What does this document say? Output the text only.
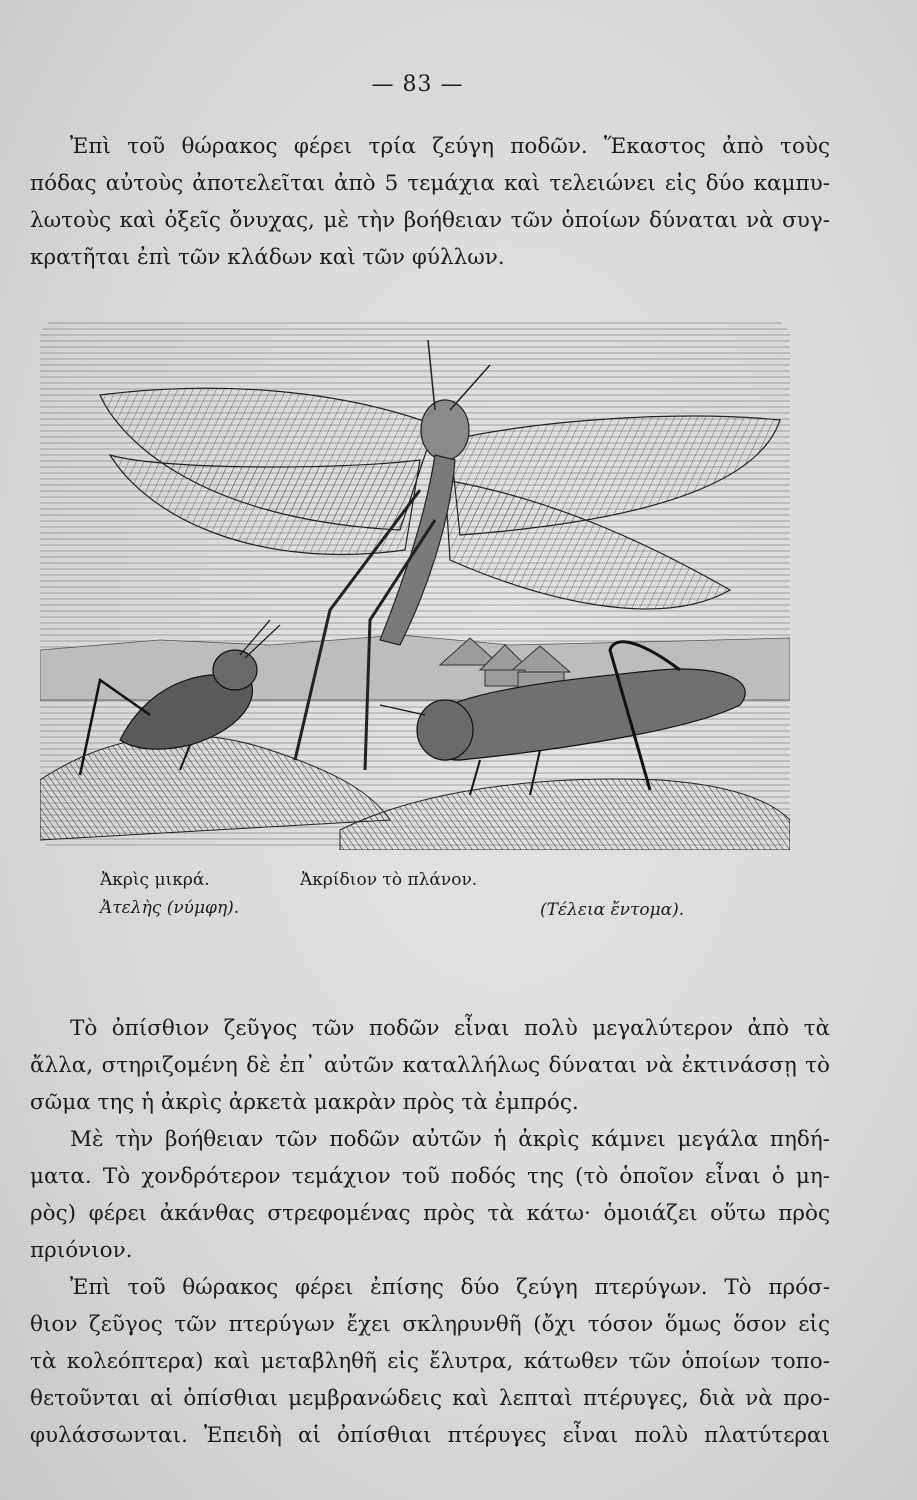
— 83 —
Ἐπὶ τοῦ θώρακος φέρει τρία ζεύγη ποδῶν. Ἕκαστος ἀπὸ τοὺς
πόδας αὐτοὺς ἀποτελεῖται ἀπὸ 5 τεμάχια καὶ τελειώνει εἰς δύο καμπυ-
λωτοὺς καὶ ὀξεῖς ὄνυχας, μὲ τὴν βοήθειαν τῶν ὁποίων δύναται νὰ συγ-
κρατῆται ἐπὶ τῶν κλάδων καὶ τῶν φύλλων.
Ἀκρὶς μικρά.
Ἀτελὴς (νύμφη).
Ἀκρίδιον τὸ πλάνον.
(Τέλεια ἔντομα).
Τὸ ὀπίσθιον ζεῦγος τῶν ποδῶν εἶναι πολὺ μεγαλύτερον ἀπὸ τὰ
ἄλλα, στηριζομένη δὲ ἐπ᾽ αὐτῶν καταλλήλως δύναται νὰ ἐκτινάσσῃ τὸ
σῶμα της ἡ ἀκρὶς ἀρκετὰ μακρὰν πρὸς τὰ ἐμπρός.
Μὲ τὴν βοήθειαν τῶν ποδῶν αὐτῶν ἡ ἀκρὶς κάμνει μεγάλα πηδή-
ματα. Τὸ χονδρότερον τεμάχιον τοῦ ποδός της (τὸ ὁποῖον εἶναι ὁ μη-
ρὸς) φέρει ἀκάνθας στρεφομένας πρὸς τὰ κάτω· ὁμοιάζει οὕτω πρὸς
πριόνιον.
Ἐπὶ τοῦ θώρακος φέρει ἐπίσης δύο ζεύγη πτερύγων. Τὸ πρόσ-
θιον ζεῦγος τῶν πτερύγων ἔχει σκληρυνθῆ (ὄχι τόσον ὅμως ὅσον εἰς
τὰ κολεόπτερα) καὶ μεταβληθῆ εἰς ἔλυτρα, κάτωθεν τῶν ὁποίων τοπο-
θετοῦνται αἱ ὀπίσθιαι μεμβρανώδεις καὶ λεπταὶ πτέρυγες, διὰ νὰ προ-
φυλάσσωνται. Ἐπειδὴ αἱ ὀπίσθιαι πτέρυγες εἶναι πολὺ πλατύτεραι
